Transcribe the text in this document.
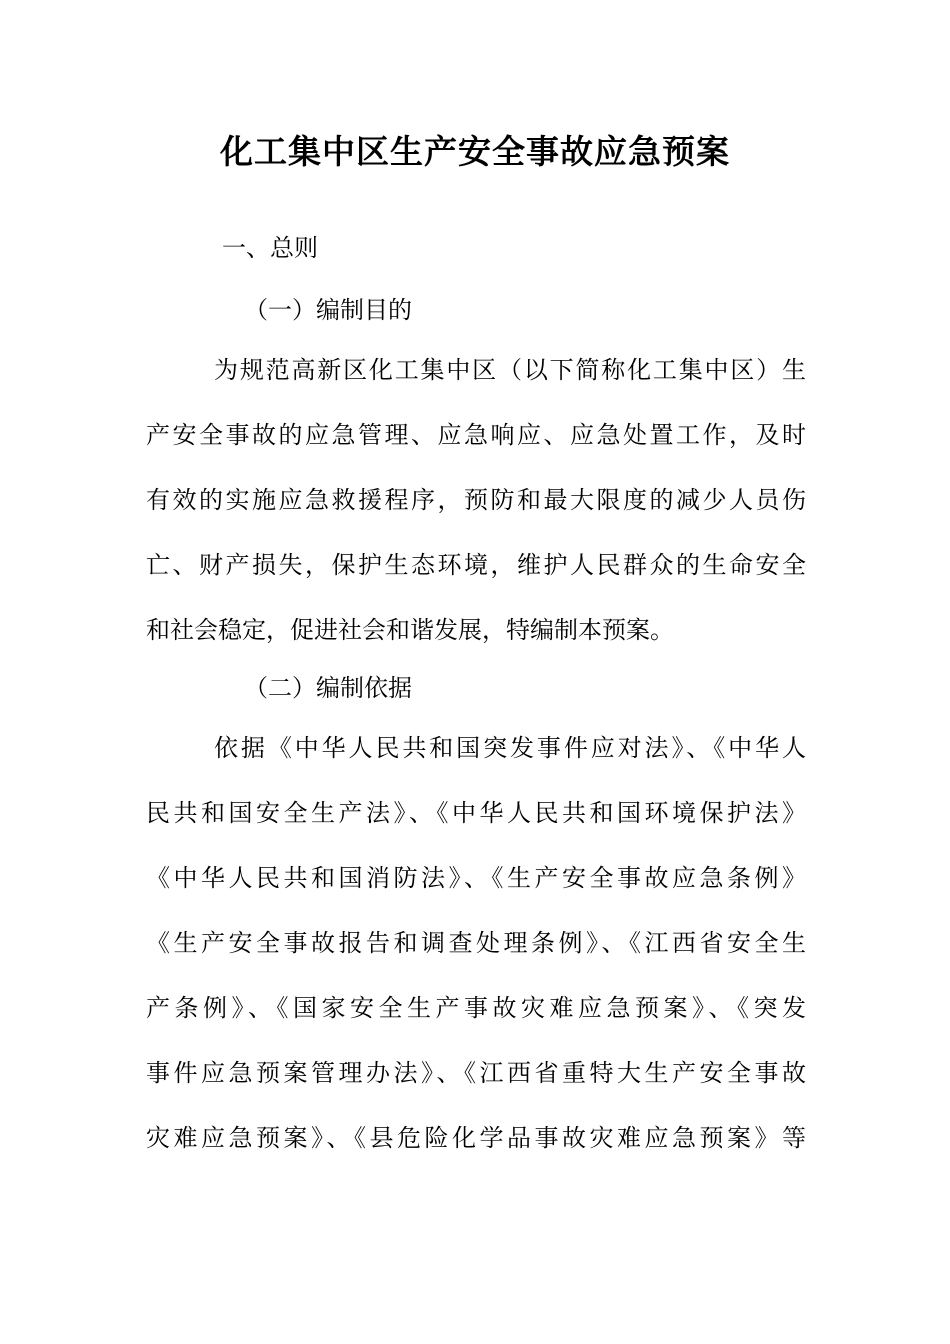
化工集中区生产安全事故应急预案
一、总则
（一）编制目的
为规范高新区化工集中区（以下简称化工集中区）生
产安全事故的应急管理、应急响应、应急处置工作，及时
有效的实施应急救援程序，预防和最大限度的减少人员伤
亡、财产损失，保护生态环境，维护人民群众的生命安全
和社会稳定，促进社会和谐发展，特编制本预案。
（二）编制依据
依据《中华人民共和国突发事件应对法》、《中华人
民共和国安全生产法》、《中华人民共和国环境保护法》
《中华人民共和国消防法》、《生产安全事故应急条例》
《生产安全事故报告和调查处理条例》、《江西省安全生
产条例》、《国家安全生产事故灾难应急预案》、《突发
事件应急预案管理办法》、《江西省重特大生产安全事故
灾难应急预案》、《县危险化学品事故灾难应急预案》等
